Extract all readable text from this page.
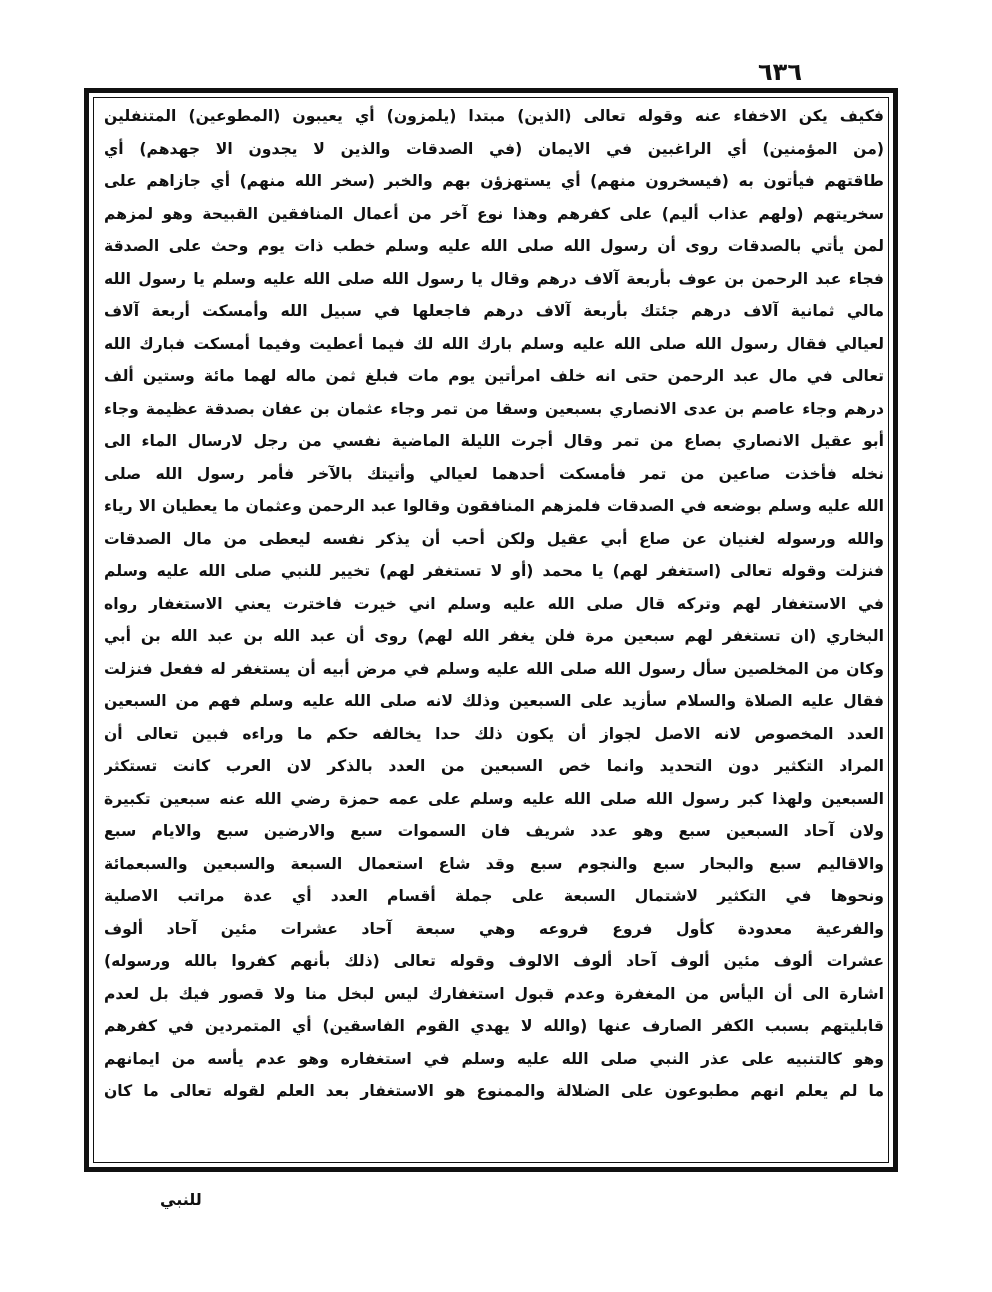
٦٣٦
فكيف يكن الاخفاء عنه وقوله تعالى (الذين) مبتدا (يلمزون) أي يعيبون (المطوعين) المتنفلين
(من المؤمنين) أي الراغبين في الايمان (في الصدقات والذين لا يجدون الا جهدهم) أي
طاقتهم فيأتون به (فيسخرون منهم) أي يستهزؤن بهم والخبر (سخر الله منهم) أي جازاهم على
سخريتهم (ولهم عذاب أليم) على كفرهم وهذا نوع آخر من أعمال المنافقين القبيحة وهو لمزهم
لمن يأتي بالصدقات روى أن رسول الله صلى الله عليه وسلم خطب ذات يوم وحث على الصدقة
فجاء عبد الرحمن بن عوف بأربعة آلاف درهم وقال يا رسول الله صلى الله عليه وسلم يا رسول الله
مالي ثمانية آلاف درهم جئتك بأربعة آلاف درهم فاجعلها في سبيل الله وأمسكت أربعة آلاف
لعيالي فقال رسول الله صلى الله عليه وسلم بارك الله لك فيما أعطيت وفيما أمسكت فبارك الله
تعالى في مال عبد الرحمن حتى انه خلف امرأتين يوم مات فبلغ ثمن ماله لهما مائة وستين ألف
درهم وجاء عاصم بن عدى الانصاري بسبعين وسقا من تمر وجاء عثمان بن عفان بصدقة عظيمة وجاء
أبو عقيل الانصاري بصاع من تمر وقال أجرت الليلة الماضية نفسي من رجل لارسال الماء الى
نخله فأخذت صاعين من تمر فأمسكت أحدهما لعيالي وأتيتك بالآخر فأمر رسول الله صلى
الله عليه وسلم بوضعه في الصدقات فلمزهم المنافقون وقالوا عبد الرحمن وعثمان ما يعطيان الا رياء
والله ورسوله لغنيان عن صاع أبي عقيل ولكن أحب أن يذكر نفسه ليعطى من مال الصدقات
فنزلت وقوله تعالى (استغفر لهم) يا محمد (أو لا تستغفر لهم) تخيير للنبي صلى الله عليه وسلم
في الاستغفار لهم وتركه قال صلى الله عليه وسلم اني خيرت فاخترت يعني الاستغفار رواه
البخاري (ان تستغفر لهم سبعين مرة فلن يغفر الله لهم) روى أن عبد الله بن عبد الله بن أبي
وكان من المخلصين سأل رسول الله صلى الله عليه وسلم في مرض أبيه أن يستغفر له ففعل فنزلت
فقال عليه الصلاة والسلام سأزيد على السبعين وذلك لانه صلى الله عليه وسلم فهم من السبعين
العدد المخصوص لانه الاصل لجواز أن يكون ذلك حدا يخالفه حكم ما وراءه فبين تعالى أن
المراد التكثير دون التحديد وانما خص السبعين من العدد بالذكر لان العرب كانت تستكثر
السبعين ولهذا كبر رسول الله صلى الله عليه وسلم على عمه حمزة رضي الله عنه سبعين تكبيرة
ولان آحاد السبعين سبع وهو عدد شريف فان السموات سبع والارضين سبع والايام سبع
والاقاليم سبع والبحار سبع والنجوم سبع وقد شاع استعمال السبعة والسبعين والسبعمائة
ونحوها في التكثير لاشتمال السبعة على جملة أقسام العدد أي عدة مراتب الاصلية
والفرعية معدودة كأول فروع فروعه وهي سبعة آحاد عشرات مئين آحاد ألوف
عشرات ألوف مئين ألوف آحاد ألوف الالوف وقوله تعالى (ذلك بأنهم كفروا بالله ورسوله)
اشارة الى أن اليأس من المغفرة وعدم قبول استغفارك ليس لبخل منا ولا قصور فيك بل لعدم
قابليتهم بسبب الكفر الصارف عنها (والله لا يهدي القوم الفاسقين) أي المتمردين في كفرهم
وهو كالتنبيه على عذر النبي صلى الله عليه وسلم في استغفاره وهو عدم يأسه من ايمانهم
ما لم يعلم انهم مطبوعون على الضلالة والممنوع هو الاستغفار بعد العلم لقوله تعالى ما كان
للنبي
